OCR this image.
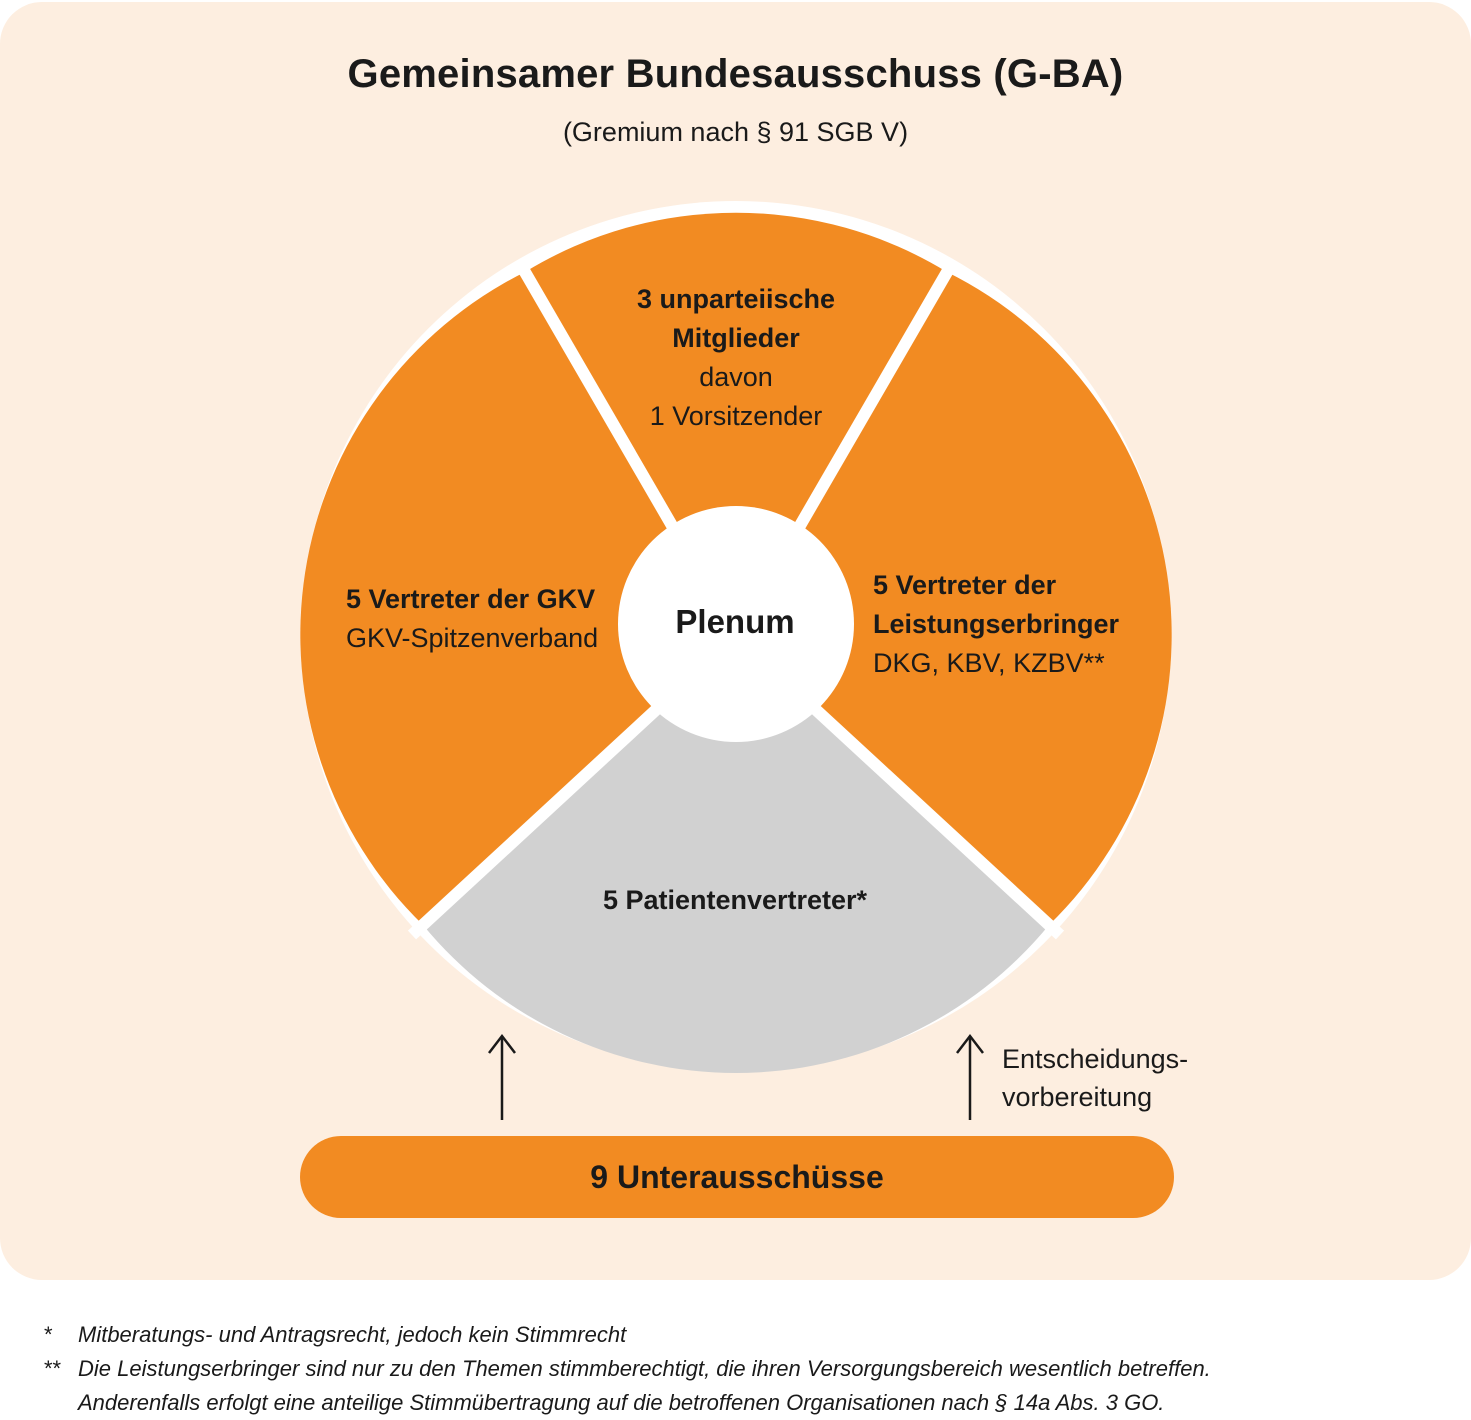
Gemeinsamer Bundesausschuss (G-BA)
(Gremium nach § 91 SGB V)
3 unparteiische
Mitglieder
davon
1 Vorsitzender
5 Vertreter der GKV
GKV-Spitzenverband
5 Vertreter der
Leistungserbringer
DKG, KBV, KZBV**
Plenum
5 Patientenvertreter*
Entscheidungs-
vorbereitung
9 Unterausschüsse
* Mitberatungs- und Antragsrecht, jedoch kein Stimmrecht
** Die Leistungserbringer sind nur zu den Themen stimmberechtigt, die ihren Versorgungsbereich wesentlich betreffen.
Anderenfalls erfolgt eine anteilige Stimmübertragung auf die betroffenen Organisationen nach § 14a Abs. 3 GO.
